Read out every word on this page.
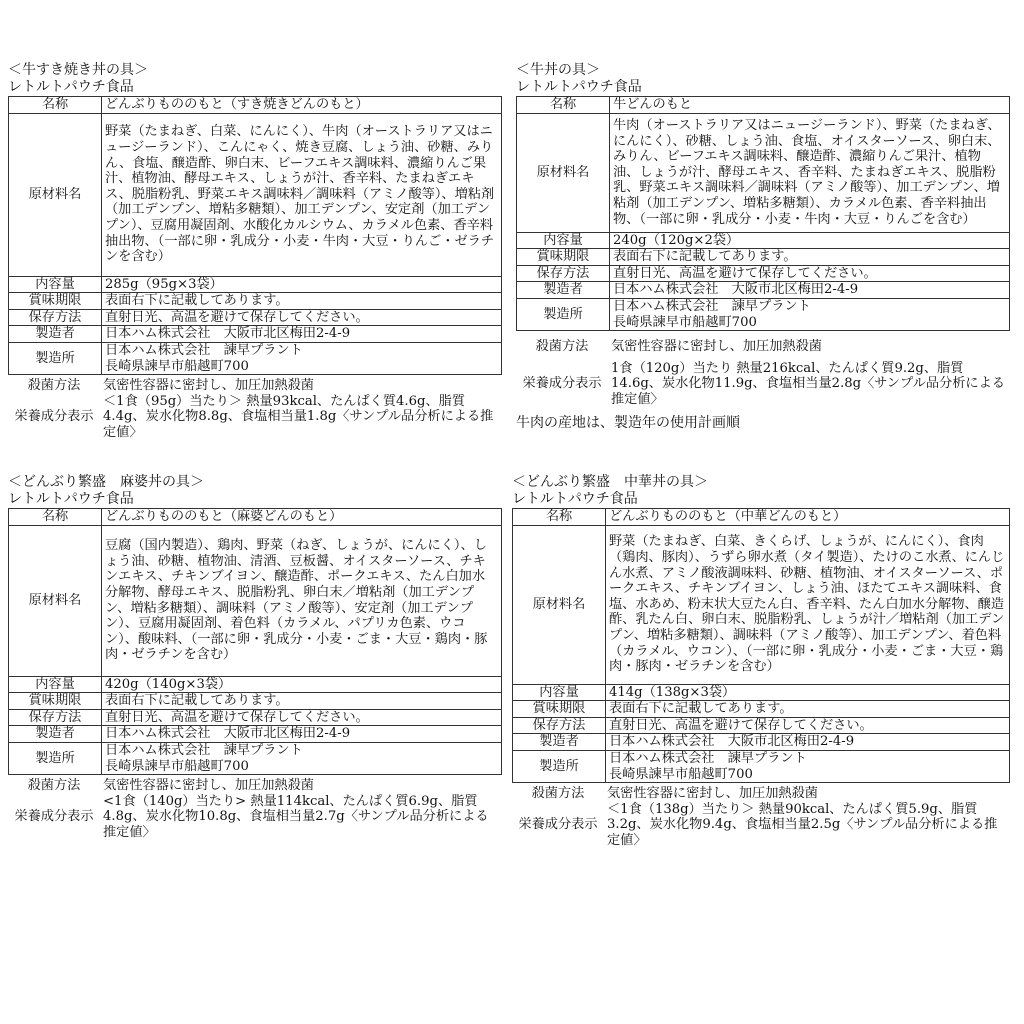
＜牛すき焼き丼の具＞
レトルトパウチ食品
名称	どんぶりもののもと（すき焼きどんのもと）
原材料名	野菜（たまねぎ、白菜、にんにく）、牛肉（オーストラリア又はニュージーランド）、こんにゃく、焼き豆腐、しょう油、砂糖、みりん、食塩、醸造酢、卵白末、ビーフエキス調味料、濃縮りんご果汁、植物油、酵母エキス、しょうが汁、香辛料、たまねぎエキス、脱脂粉乳、野菜エキス調味料／調味料（アミノ酸等）、増粘剤（加工デンプン、増粘多糖類）、加工デンプン、安定剤（加工デンプン）、豆腐用凝固剤、水酸化カルシウム、カラメル色素、香辛料抽出物、（一部に卵・乳成分・小麦・牛肉・大豆・りんご・ゼラチンを含む）
内容量	285g（95g×3袋）
賞味期限	表面右下に記載してあります。
保存方法	直射日光、高温を避けて保存してください。
製造者	日本ハム株式会社　大阪市北区梅田2-4-9
製造所	日本ハム株式会社　諫早プラント
長崎県諫早市船越町700
殺菌方法	気密性容器に密封し、加圧加熱殺菌
栄養成分表示	＜1食（95g）当たり＞ 熱量93kcal、たんぱく質4.6g、脂質4.4g、炭水化物8.8g、食塩相当量1.8g〈サンプル品分析による推定値〉
＜牛丼の具＞
レトルトパウチ食品
名称	牛どんのもと
原材料名	牛肉（オーストラリア又はニュージーランド）、野菜（たまねぎ、にんにく）、砂糖、しょう油、食塩、オイスターソース、卵白末、みりん、ビーフエキス調味料、醸造酢、濃縮りんご果汁、植物油、しょうが汁、酵母エキス、香辛料、たまねぎエキス、脱脂粉乳、野菜エキス調味料／調味料（アミノ酸等）、加工デンプン、増粘剤（加工デンプン、増粘多糖類）、カラメル色素、香辛料抽出物、（一部に卵・乳成分・小麦・牛肉・大豆・りんごを含む）
内容量	240g（120g×2袋）
賞味期限	表面右下に記載してあります。
保存方法	直射日光、高温を避けて保存してください。
製造者	日本ハム株式会社　大阪市北区梅田2-4-9
製造所	日本ハム株式会社　諫早プラント
長崎県諫早市船越町700
殺菌方法	気密性容器に密封し、加圧加熱殺菌
栄養成分表示	1食（120g）当たり 熱量216kcal、たんぱく質9.2g、脂質14.6g、炭水化物11.9g、食塩相当量2.8g〈サンプル品分析による推定値〉
牛肉の産地は、製造年の使用計画順
＜どんぶり繁盛　麻婆丼の具＞
レトルトパウチ食品
名称	どんぶりもののもと（麻婆どんのもと）
原材料名	豆腐（国内製造）、鶏肉、野菜（ねぎ、しょうが、にんにく）、しょう油、砂糖、植物油、清酒、豆板醤、オイスターソース、チキンエキス、チキンブイヨン、醸造酢、ポークエキス、たん白加水分解物、酵母エキス、脱脂粉乳、卵白末／増粘剤（加工デンプン、増粘多糖類）、調味料（アミノ酸等）、安定剤（加工デンプン）、豆腐用凝固剤、着色料（カラメル、パプリカ色素、ウコン）、酸味料、（一部に卵・乳成分・小麦・ごま・大豆・鶏肉・豚肉・ゼラチンを含む）
内容量	420g（140g×3袋）
賞味期限	表面右下に記載してあります。
保存方法	直射日光、高温を避けて保存してください。
製造者	日本ハム株式会社　大阪市北区梅田2-4-9
製造所	日本ハム株式会社　諫早プラント
長崎県諫早市船越町700
殺菌方法	気密性容器に密封し、加圧加熱殺菌
栄養成分表示	<1食（140g）当たり> 熱量114kcal、たんぱく質6.9g、脂質4.8g、炭水化物10.8g、食塩相当量2.7g〈サンプル品分析による推定値〉
＜どんぶり繁盛　中華丼の具＞
レトルトパウチ食品
名称	どんぶりもののもと（中華どんのもと）
原材料名	野菜（たまねぎ、白菜、きくらげ、しょうが、にんにく）、食肉（鶏肉、豚肉）、うずら卵水煮（タイ製造）、たけのこ水煮、にんじん水煮、アミノ酸液調味料、砂糖、植物油、オイスターソース、ポークエキス、チキンブイヨン、しょう油、ほたてエキス調味料、食塩、水あめ、粉末状大豆たん白、香辛料、たん白加水分解物、醸造酢、乳たん白、卵白末、脱脂粉乳、しょうが汁／増粘剤（加工デンプン、増粘多糖類）、調味料（アミノ酸等）、加工デンプン、着色料（カラメル、ウコン）、（一部に卵・乳成分・小麦・ごま・大豆・鶏肉・豚肉・ゼラチンを含む）
内容量	414g（138g×3袋）
賞味期限	表面右下に記載してあります。
保存方法	直射日光、高温を避けて保存してください。
製造者	日本ハム株式会社　大阪市北区梅田2-4-9
製造所	日本ハム株式会社　諫早プラント
長崎県諫早市船越町700
殺菌方法	気密性容器に密封し、加圧加熱殺菌
栄養成分表示	＜1食（138g）当たり＞ 熱量90kcal、たんぱく質5.9g、脂質3.2g、炭水化物9.4g、食塩相当量2.5g〈サンプル品分析による推定値〉
